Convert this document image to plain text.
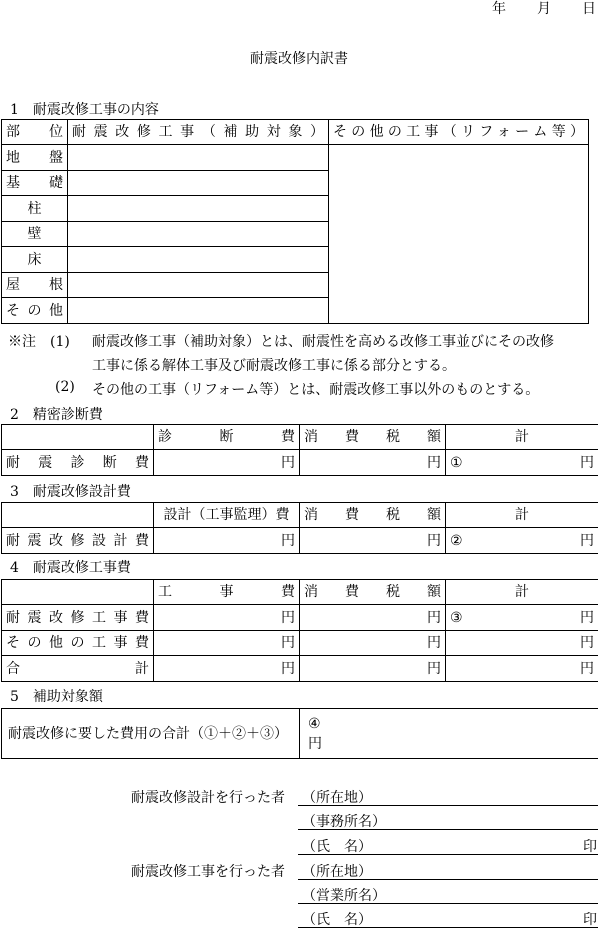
年 月 日
耐震改修内訳書
1　耐震改修工事の内容
部　位	耐震改修工事（補助対象）	その他の工事（リフォーム等）
地　盤		
基　礎		
柱		
壁		
床		
屋　根		
その他		
※注　(1) 耐震改修工事（補助対象）とは、耐震性を高める改修工事並びにその改修
工事に係る解体工事及び耐震改修工事に係る部分とする。
(2) その他の工事（リフォーム等）とは、耐震改修工事以外のものとする。
2　精密診断費
	診　　断　　費	消　費　税　額	計
耐震診断費	円	円	① 円
3　耐震改修設計費
	設計（工事監理）費	消　費　税　額	計
耐震改修設計費	円	円	② 円
4　耐震改修工事費
	工　　事　　費	消　費　税　額	計
耐震改修工事費	円	円	③ 円

その他の工事費	円	円	円
合　　　　計	円	円	円
5　補助対象額
耐震改修に要した費用の合計（①＋②＋③）	
④
円
耐震改修設計を行った者 （所在地）
（事務所名）
（氏　名）	印
耐震改修工事を行った者 （所在地）
（営業所名）
（氏　名）	印
